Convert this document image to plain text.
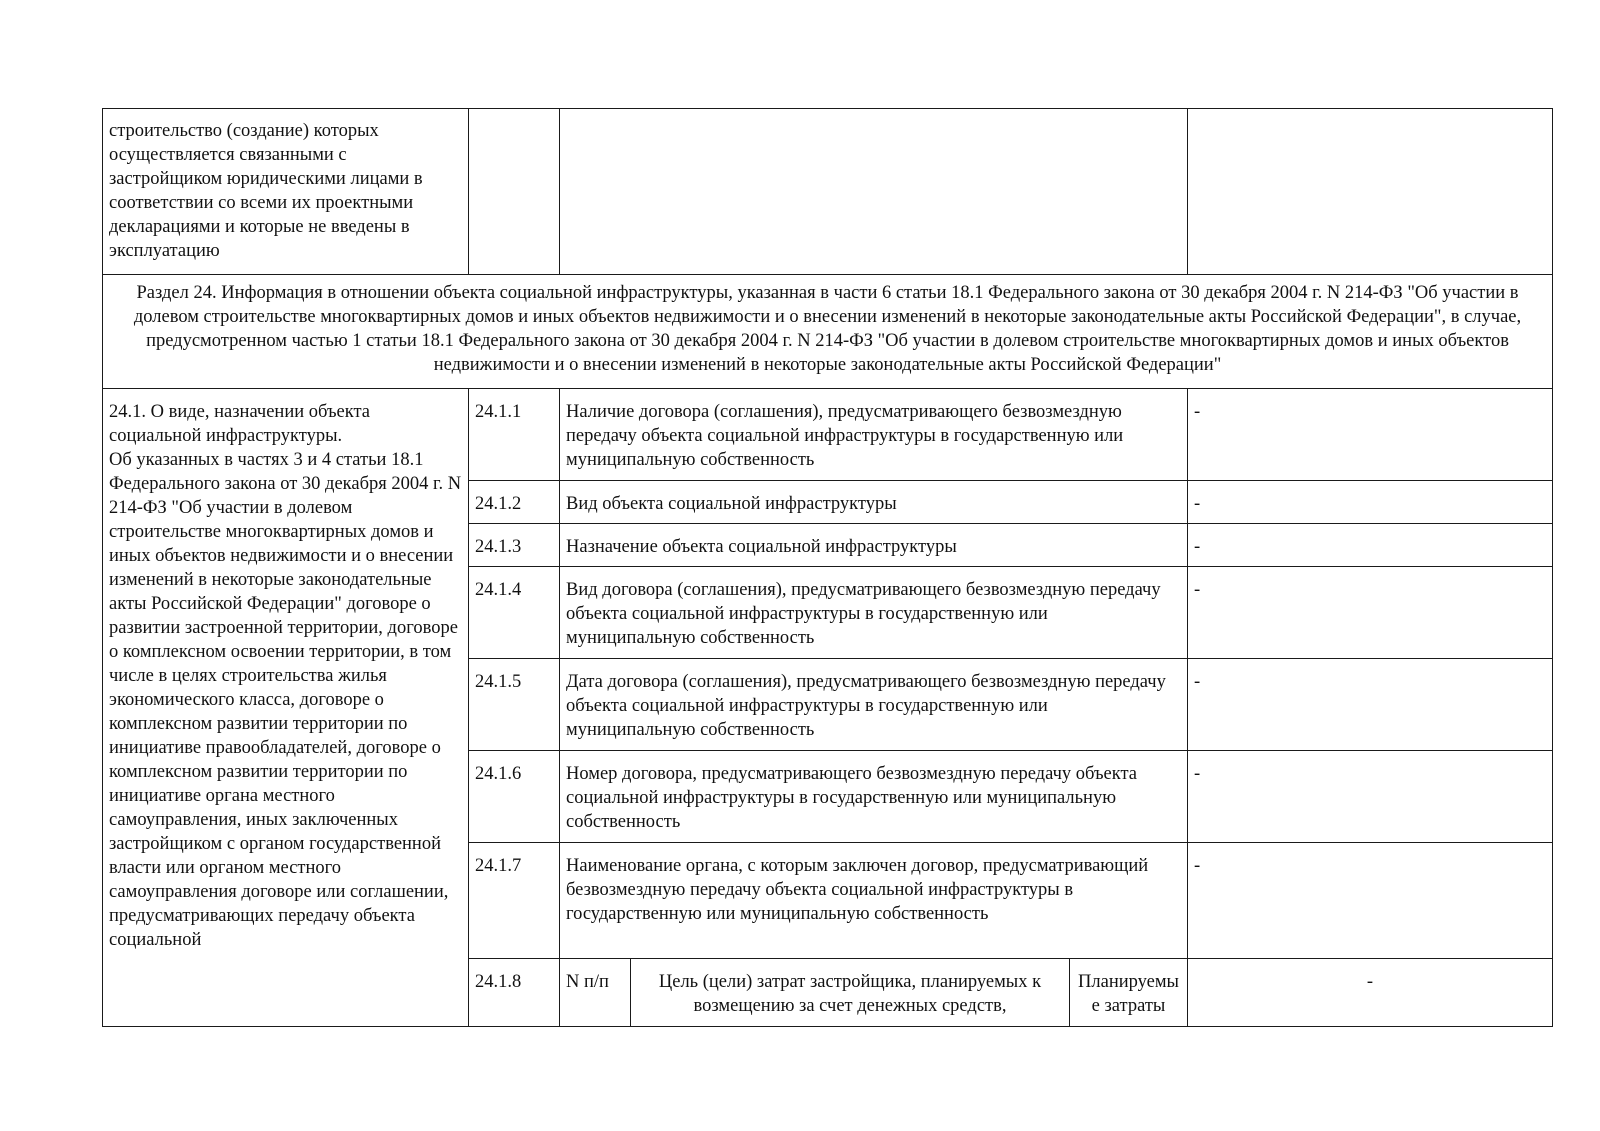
строительство (создание) которых осуществляется связанными с застройщиком юридическими лицами в соответствии со всеми их проектными декларациями и которые не введены в эксплуатацию					
Раздел 24. Информация в отношении объекта социальной инфраструктуры, указанная в части 6 статьи 18.1 Федерального закона от 30 декабря 2004 г. N 214-ФЗ "Об участии в долевом строительстве многоквартирных домов и иных объектов недвижимости и о внесении изменений в некоторые законодательные акты Российской Федерации", в случае, предусмотренном частью 1 статьи 18.1 Федерального закона от 30 декабря 2004 г. N 214-ФЗ "Об участии в долевом строительстве многоквартирных домов и иных объектов недвижимости и о внесении изменений в некоторые законодательные акты Российской Федерации"					
24.1. О виде, назначении объекта социальной инфраструктуры.
Об указанных в частях 3 и 4 статьи 18.1 Федерального закона от 30 декабря 2004 г. N 214-ФЗ "Об участии в долевом строительстве многоквартирных домов и иных объектов недвижимости и о внесении изменений в некоторые законодательные акты Российской Федерации" договоре о развитии застроенной территории, договоре о комплексном освоении территории, в том числе в целях строительства жилья экономического класса, договоре о комплексном развитии территории по инициативе правообладателей, договоре о комплексном развитии территории по инициативе органа местного самоуправления, иных заключенных застройщиком с органом государственной власти или органом местного самоуправления договоре или соглашении, предусматривающих передачу объекта социальной	24.1.1	Наличие договора (соглашения), предусматривающего безвозмездную передачу объекта социальной инфраструктуры в государственную или муниципальную собственность			-
	24.1.2	Вид объекта социальной инфраструктуры			-
	24.1.3	Назначение объекта социальной инфраструктуры			-
	24.1.4	Вид договора (соглашения), предусматривающего безвозмездную передачу объекта социальной инфраструктуры в государственную или муниципальную собственность			-
	24.1.5	Дата договора (соглашения), предусматривающего безвозмездную передачу объекта социальной инфраструктуры в государственную или муниципальную собственность			-
	24.1.6	Номер договора, предусматривающего безвозмездную передачу объекта социальной инфраструктуры в государственную или муниципальную собственность			-
	24.1.7	Наименование органа, с которым заключен договор, предусматривающий безвозмездную передачу объекта социальной инфраструктуры в государственную или муниципальную собственность			-
	24.1.8	N п/п	Цель (цели) затрат застройщика, планируемых к возмещению за счет денежных средств,	Планируемые затраты	-
